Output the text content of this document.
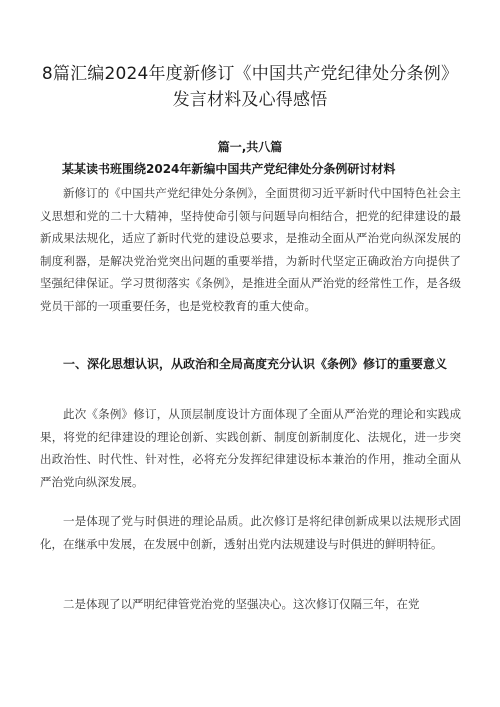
8篇汇编2024年度新修订《中国共产党纪律处分条例》
发言材料及心得感悟
篇一,共八篇
某某读书班围绕2024年新编中国共产党纪律处分条例研讨材料
新修订的《中国共产党纪律处分条例》，全面贯彻习近平新时代中国特色社会主义思想和党的二十大精神，坚持使命引领与问题导向相结合，把党的纪律建设的最新成果法规化，适应了新时代党的建设总要求，是推动全面从严治党向纵深发展的制度利器，是解决党治党突出问题的重要举措，为新时代坚定正确政治方向提供了坚强纪律保证。学习贯彻落实《条例》，是推进全面从严治党的经常性工作，是各级党员干部的一项重要任务，也是党校教育的重大使命。
一、深化思想认识，从政治和全局高度充分认识《条例》修订的重要意义
此次《条例》修订，从顶层制度设计方面体现了全面从严治党的理论和实践成果，将党的纪律建设的理论创新、实践创新、制度创新制度化、法规化，进一步突出政治性、时代性、针对性，必将充分发挥纪律建设标本兼治的作用，推动全面从严治党向纵深发展。
一是体现了党与时俱进的理论品质。此次修订是将纪律创新成果以法规形式固化，在继承中发展，在发展中创新，透射出党内法规建设与时俱进的鲜明特征。
二是体现了以严明纪律管党治党的坚强决心。这次修订仅隔三年，在党
